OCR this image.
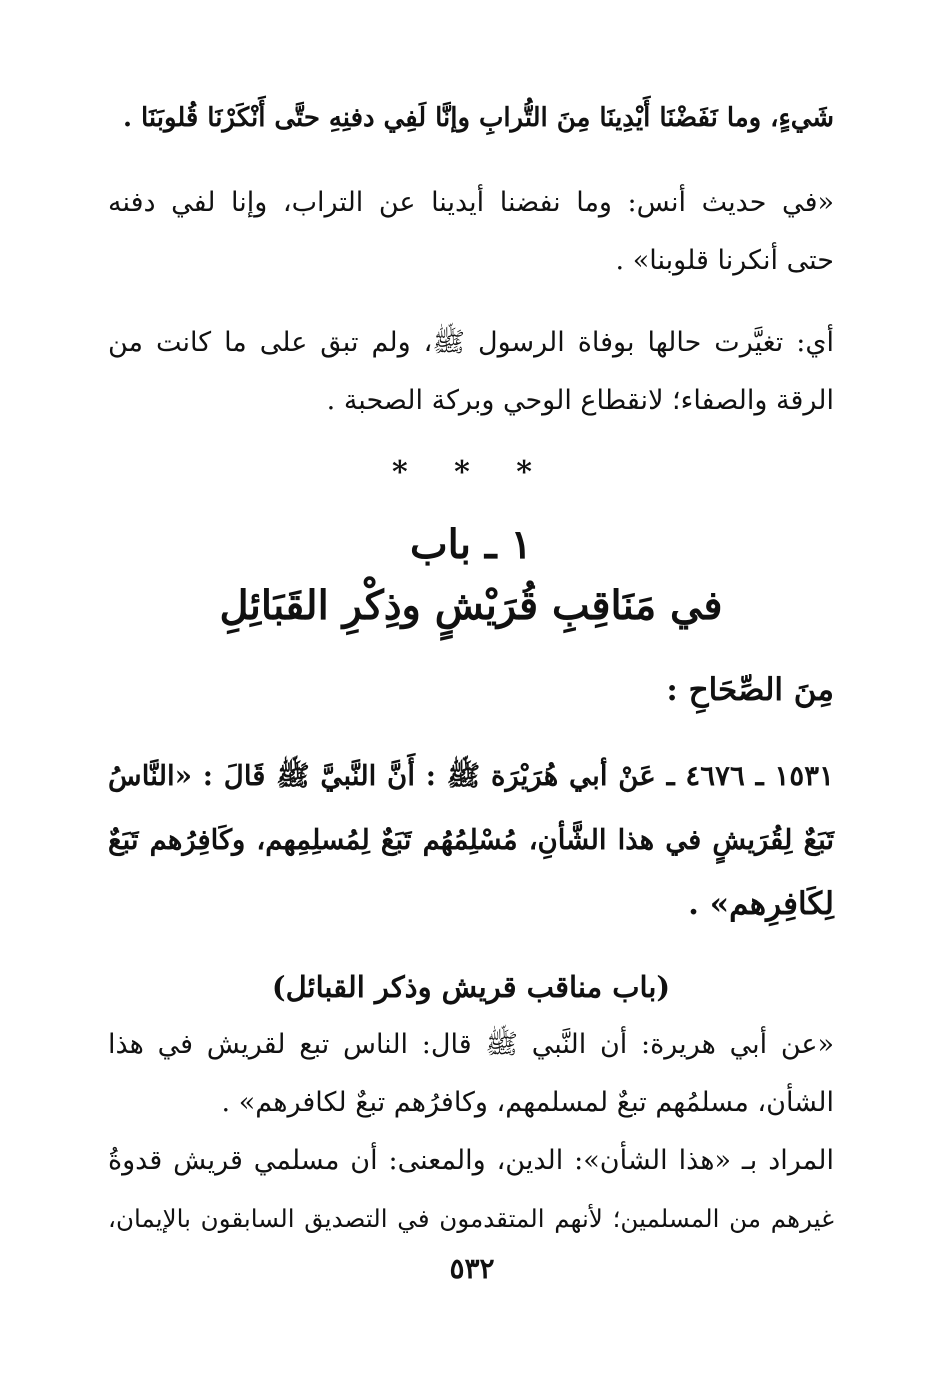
شَيءٍ، وما نَفَضْنَا أَيْدِينَا مِنَ التُّرابِ وإنَّا لَفِي دفنِهِ حتَّى أَنْكَرْنَا قُلوبَنَا .
«في حديث أنس: وما نفضنا أيدينا عن التراب، وإنا لفي دفنه
حتى أنكرنا قلوبنا» .
أي: تغيَّرت حالها بوفاة الرسول ﷺ، ولم تبق على ما كانت من
الرقة والصفاء؛ لانقطاع الوحي وبركة الصحبة .
* * *
١ ـ باب
في مَنَاقِبِ قُرَيْشٍ وذِكْرِ القَبَائِلِ
مِنَ الصِّحَاحِ :
١٥٣١ ـ ٤٦٧٦ ـ عَنْ أبي هُرَيْرَة ﷺ : أَنَّ النَّبيَّ ﷺ قَالَ : «النَّاسُ
تَبَعٌ لِقُرَيشٍ في هذا الشَّأنِ، مُسْلِمُهُم تَبَعٌ لِمُسلِمِهم، وكَافِرُهم تَبَعٌ
لِكَافِرِهم» .
(باب مناقب قريش وذكر القبائل)
«عن أبي هريرة: أن النَّبي ﷺ قال: الناس تبع لقريش في هذا
الشأن، مسلمُهم تبعٌ لمسلمهم، وكافرُهم تبعٌ لكافرهم» .
المراد بـ «هذا الشأن»: الدين، والمعنى: أن مسلمي قريش قدوةُ
غيرهم من المسلمين؛ لأنهم المتقدمون في التصديق السابقون بالإيمان،
٥٣٢
